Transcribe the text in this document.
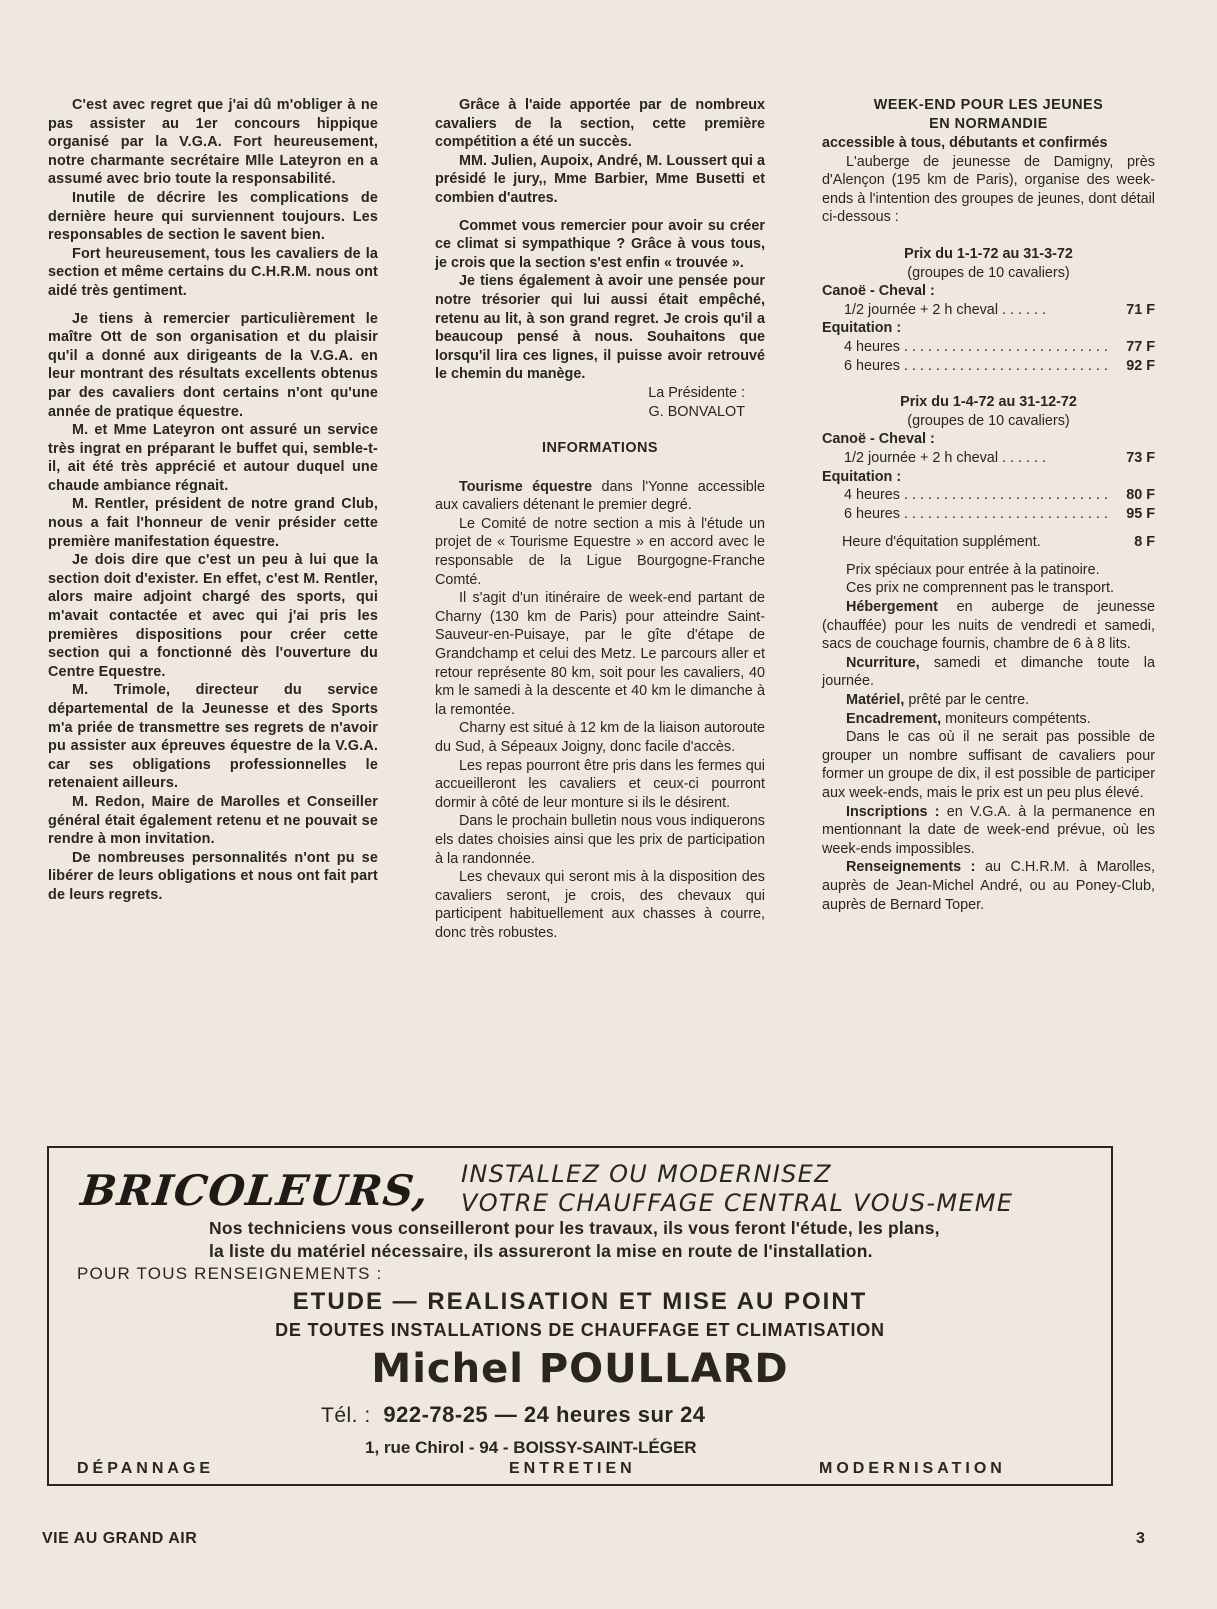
C'est avec regret que j'ai dû m'obliger à ne pas assister au 1er concours hippique organisé par la V.G.A. Fort heureusement, notre charmante secrétaire Mlle Lateyron en a assumé avec brio toute la responsabilité.

Inutile de décrire les complications de dernière heure qui surviennent toujours. Les responsables de section le savent bien.

Fort heureusement, tous les cavaliers de la section et même certains du C.H.R.M. nous ont aidé très gentiment.

Je tiens à remercier particulièrement le maître Ott de son organisation et du plaisir qu'il a donné aux dirigeants de la V.G.A. en leur montrant des résultats excellents obtenus par des cavaliers dont certains n'ont qu'une année de pratique équestre.

M. et Mme Lateyron ont assuré un service très ingrat en préparant le buffet qui, semble-t-il, ait été très apprécié et autour duquel une chaude ambiance régnait.

M. Rentler, président de notre grand Club, nous a fait l'honneur de venir présider cette première manifestation équestre.

Je dois dire que c'est un peu à lui que la section doit d'exister. En effet, c'est M. Rentler, alors maire adjoint chargé des sports, qui m'avait contactée et avec qui j'ai pris les premières dispositions pour créer cette section qui a fonctionné dès l'ouverture du Centre Equestre.

M. Trimole, directeur du service départemental de la Jeunesse et des Sports m'a priée de transmettre ses regrets de n'avoir pu assister aux épreuves équestre de la V.G.A. car ses obligations professionnelles le retenaient ailleurs.

M. Redon, Maire de Marolles et Conseiller général était également retenu et ne pouvait se rendre à mon invitation.

De nombreuses personnalités n'ont pu se libérer de leurs obligations et nous ont fait part de leurs regrets.

Grâce à l'aide apportée par de nombreux cavaliers de la section, cette première compétition a été un succès.

MM. Julien, Aupoix, André, M. Loussert qui a présidé le jury,, Mme Barbier, Mme Busetti et combien d'autres.

Commet vous remercier pour avoir su créer ce climat si sympathique ? Grâce à vous tous, je crois que la section s'est enfin « trouvée ».

Je tiens également à avoir une pensée pour notre trésorier qui lui aussi était empêché, retenu au lit, à son grand regret. Je crois qu'il a beaucoup pensé à nous. Souhaitons que lorsqu'il lira ces lignes, il puisse avoir retrouvé le chemin du manège.

La Présidente :

G. BONVALOT

INFORMATIONS

Tourisme équestre dans l'Yonne accessible aux cavaliers détenant le premier degré.

Le Comité de notre section a mis à l'étude un projet de « Tourisme Equestre » en accord avec le responsable de la Ligue Bourgogne-Franche Comté.

Il s'agit d'un itinéraire de week-end partant de Charny (130 km de Paris) pour atteindre Saint-Sauveur-en-Puisaye, par le gîte d'étape de Grandchamp et celui des Metz. Le parcours aller et retour représente 80 km, soit pour les cavaliers, 40 km le samedi à la descente et 40 km le dimanche à la remontée.

Charny est situé à 12 km de la liaison autoroute du Sud, à Sépeaux Joigny, donc facile d'accès.

Les repas pourront être pris dans les fermes qui accueilleront les cavaliers et ceux-ci pourront dormir à côté de leur monture si ils le désirent.

Dans le prochain bulletin nous vous indiquerons els dates choisies ainsi que les prix de participation à la randonnée.

Les chevaux qui seront mis à la disposition des cavaliers seront, je crois, des chevaux qui participent habituellement aux chasses à courre, donc très robustes.

WEEK-END POUR LES JEUNES
EN NORMANDIE
accessible à tous, débutants et confirmés

L'auberge de jeunesse de Damigny, près d'Alençon (195 km de Paris), organise des week-ends à l'intention des groupes de jeunes, dont détail ci-dessous :

Prix du 1-1-72 au 31-3-72
(groupes de 10 cavaliers)
Canoë - Cheval :
1/2 journée + 2 h cheval . . . . . .	71 F
Equitation :
4 heures . . . . . . . . . . . . . . . . . . . . . . . . . .	77 F
6 heures . . . . . . . . . . . . . . . . . . . . . . . . . .	92 F
Prix du 1-4-72 au 31-12-72
(groupes de 10 cavaliers)
Canoë - Cheval :
1/2 journée + 2 h cheval . . . . . .	73 F
Equitation :
4 heures . . . . . . . . . . . . . . . . . . . . . . . . . .	80 F
6 heures . . . . . . . . . . . . . . . . . . . . . . . . . .	95 F
Heure d'équitation supplément.	8 F

Prix spéciaux pour entrée à la patinoire.

Ces prix ne comprennent pas le transport.

Hébergement en auberge de jeunesse (chauffée) pour les nuits de vendredi et samedi, sacs de couchage fournis, chambre de 6 à 8 lits.

Ncurriture, samedi et dimanche toute la journée.

Matériel, prêté par le centre.

Encadrement, moniteurs compétents.

Dans le cas où il ne serait pas possible de grouper un nombre suffisant de cavaliers pour former un groupe de dix, il est possible de participer aux week-ends, mais le prix est un peu plus élevé.

Inscriptions : en V.G.A. à la permanence en mentionnant la date de week-end prévue, où les week-ends impossibles.

Renseignements : au C.H.R.M. à Marolles, auprès de Jean-Michel André, ou au Poney-Club, auprès de Bernard Toper.

BRICOLEURS, INSTALLEZ OU MODERNISEZ
VOTRE CHAUFFAGE CENTRAL VOUS-MEME
Nos techniciens vous conseilleront pour les travaux, ils vous feront l'étude, les plans,
la liste du matériel nécessaire, ils assureront la mise en route de l'installation.
POUR TOUS RENSEIGNEMENTS :
ETUDE — REALISATION ET MISE AU POINT
DE TOUTES INSTALLATIONS DE CHAUFFAGE ET CLIMATISATION
Michel POULLARD
Tél. : 922-78-25 — 24 heures sur 24
1, rue Chirol - 94 - BOISSY-SAINT-LÉGER
DÉPANNAGE	ENTRETIEN	MODERNISATION
VIE AU GRAND AIR	3
